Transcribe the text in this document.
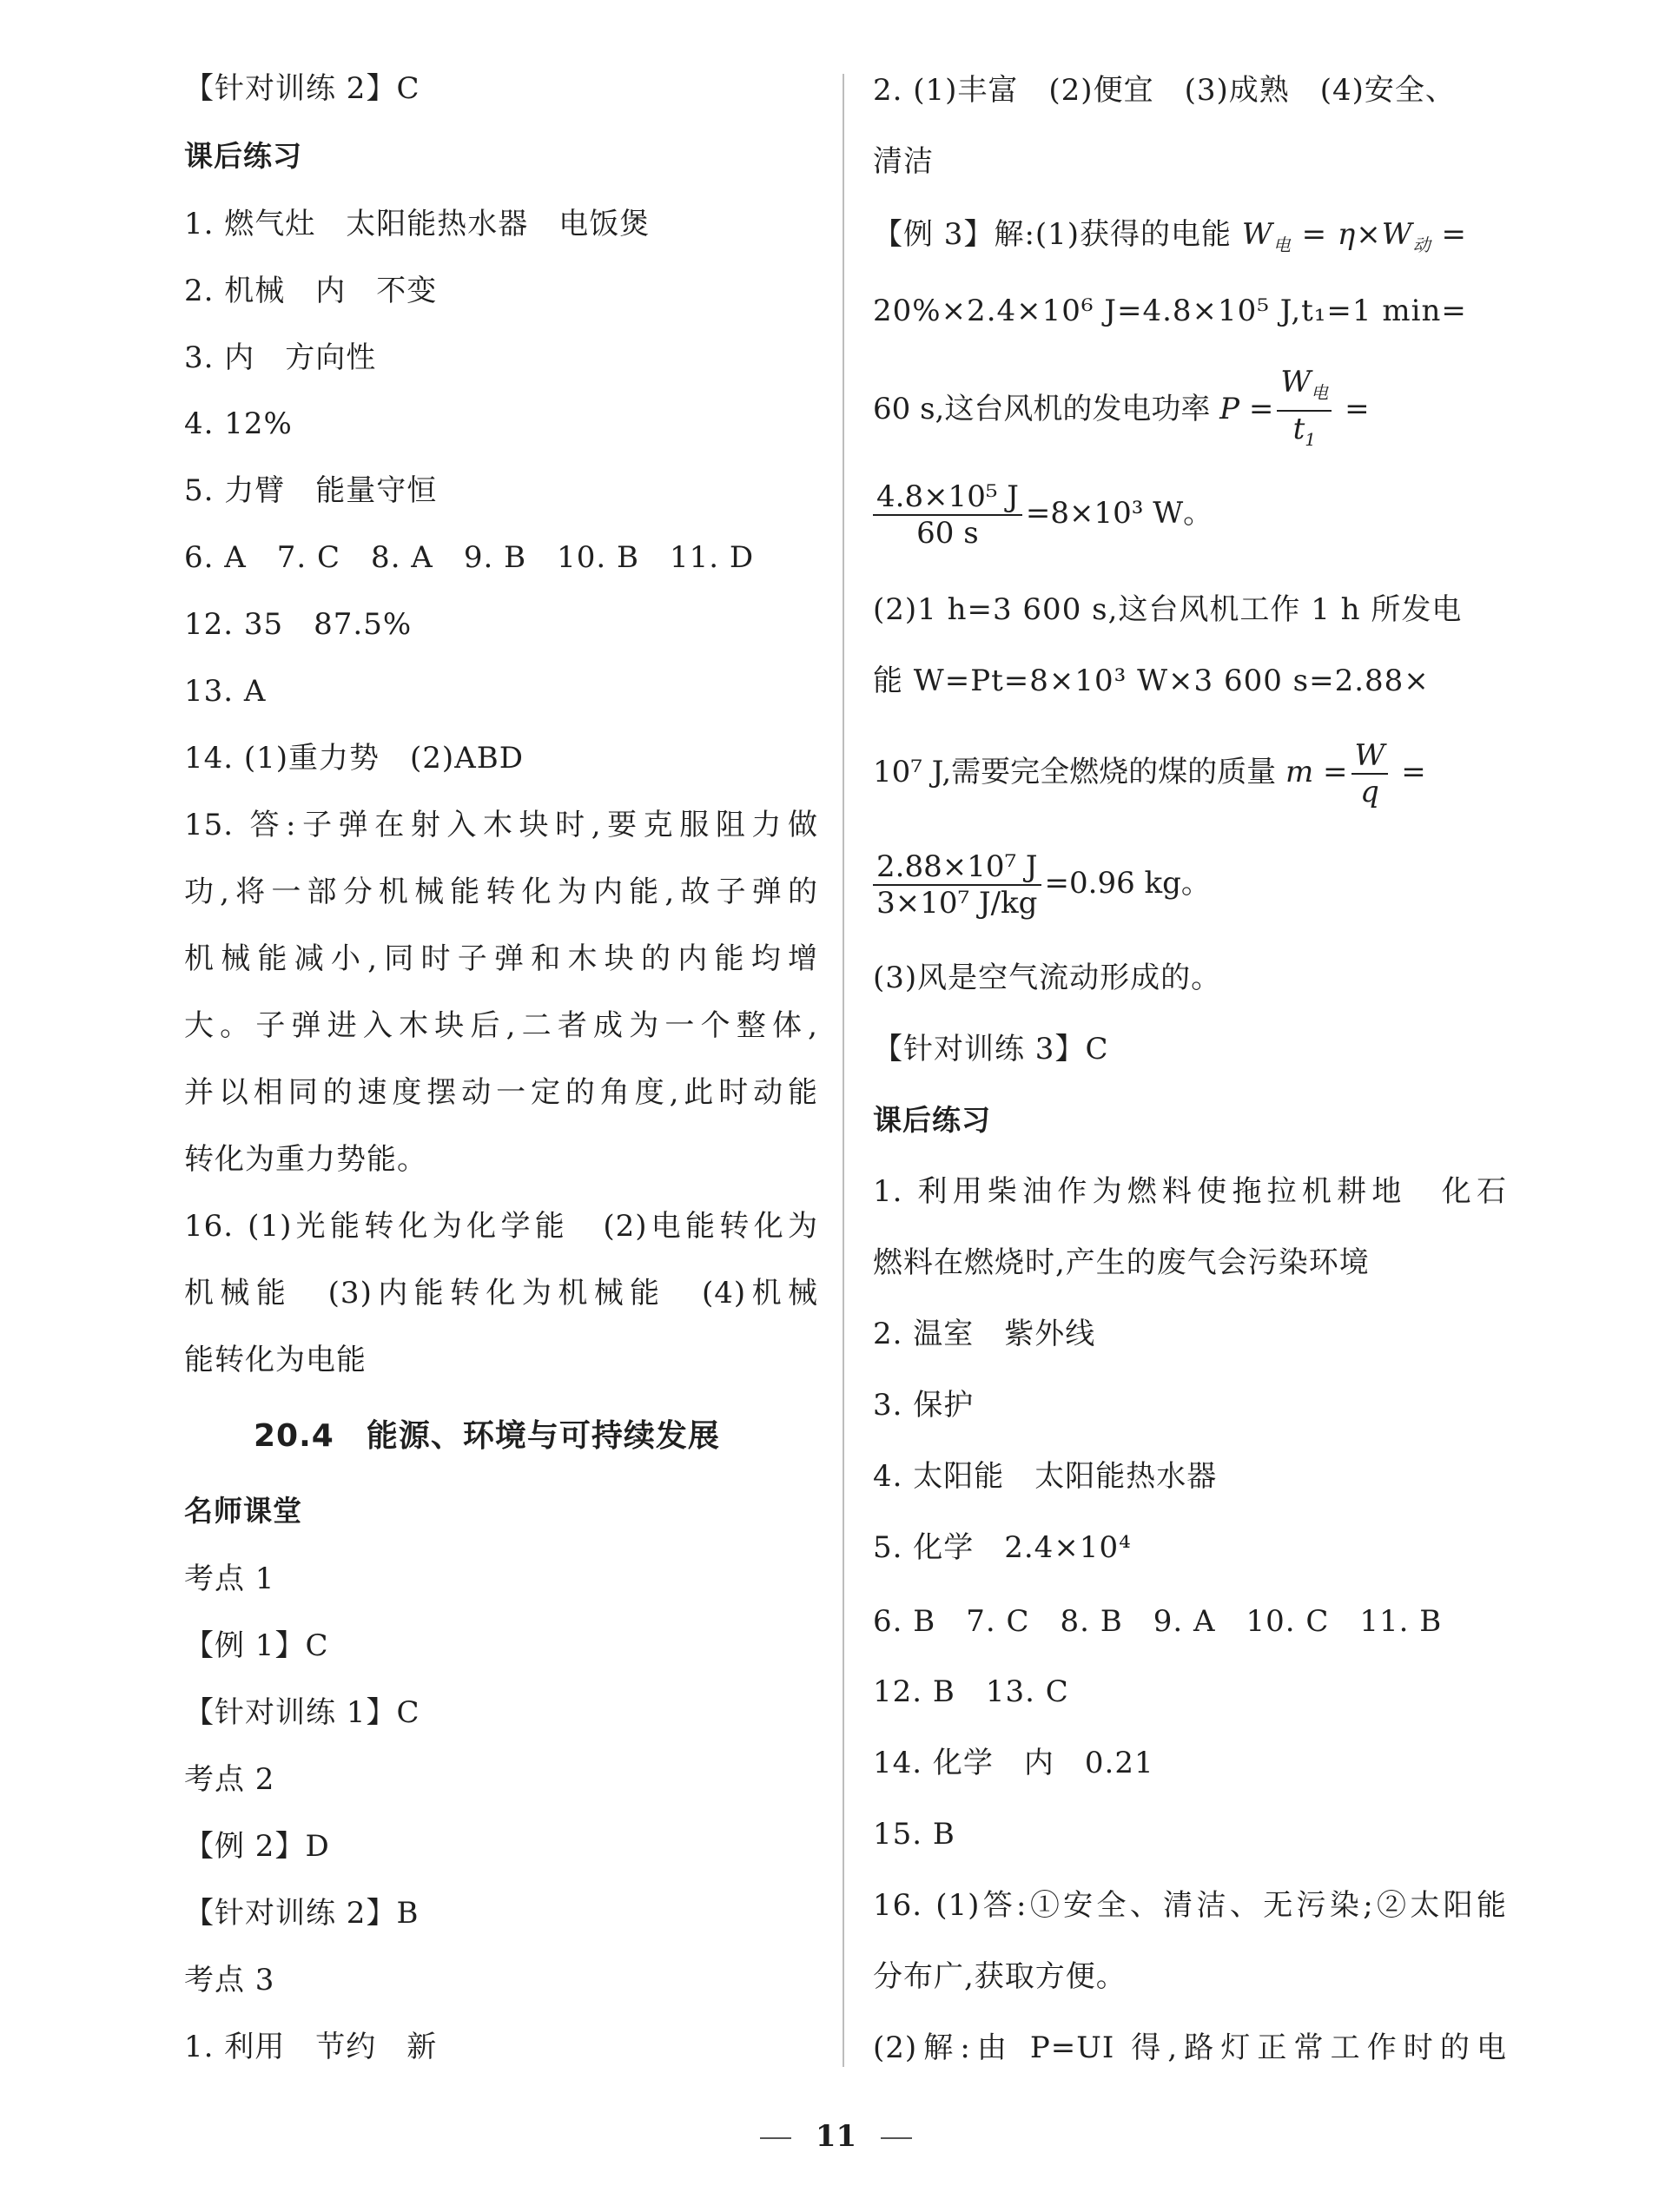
【针对训练 2】C
课后练习
1. 燃气灶　太阳能热水器　电饭煲
2. 机械　内　不变
3. 内　方向性
4. 12%
5. 力臂　能量守恒
6. A　7. C　8. A　9. B　10. B　11. D
12. 35　87.5%
13. A
14. (1)重力势　(2)ABD
15. 答:子弹在射入木块时,要克服阻力做
功,将一部分机械能转化为内能,故子弹的
机械能减小,同时子弹和木块的内能均增
大。子弹进入木块后,二者成为一个整体,
并以相同的速度摆动一定的角度,此时动能
转化为重力势能。
16. (1)光能转化为化学能　(2)电能转化为
机械能　(3)内能转化为机械能　(4)机械
能转化为电能
20.4　能源、环境与可持续发展
名师课堂
考点 1
【例 1】C
【针对训练 1】C
考点 2
【例 2】D
【针对训练 2】B
考点 3
1. 利用　节约　新
2. (1)丰富　(2)便宜　(3)成熟　(4)安全、
清洁
【例 3】解:(1)获得的电能 $W_电 = \eta\times W_动$ =
20%×2.4×10⁶ J=4.8×10⁵ J,t₁=1 min=
60 s,这台风机的发电功率 $P = \frac{W_电}{t_1}$ =
$\frac{\text{4.8×10⁵ J}}{60 s} =8\times 10^3$ W。
(2)1 h=3 600 s,这台风机工作 1 h 所发电
能 W=Pt=8×10³ W×3 600 s=2.88×
10⁷ J,需要完全燃烧的煤的质量 $m = \frac{W}{q}$ =
$\frac{\text{2.88×10⁷ J}}{\text{3×10⁷ J/kg}} =0.96$ kg。
(3)风是空气流动形成的。
【针对训练 3】C
课后练习
1. 利用柴油作为燃料使拖拉机耕地　化石
燃料在燃烧时,产生的废气会污染环境
2. 温室　紫外线
3. 保护
4. 太阳能　太阳能热水器
5. 化学　2.4×10⁴
6. B　7. C　8. B　9. A　10. C　11. B
12. B　13. C
14. 化学　内　0.21
15. B
16. (1)答:①安全、清洁、无污染;②太阳能
分布广,获取方便。
(2)解:由 P=UI 得,路灯正常工作时的电
11
